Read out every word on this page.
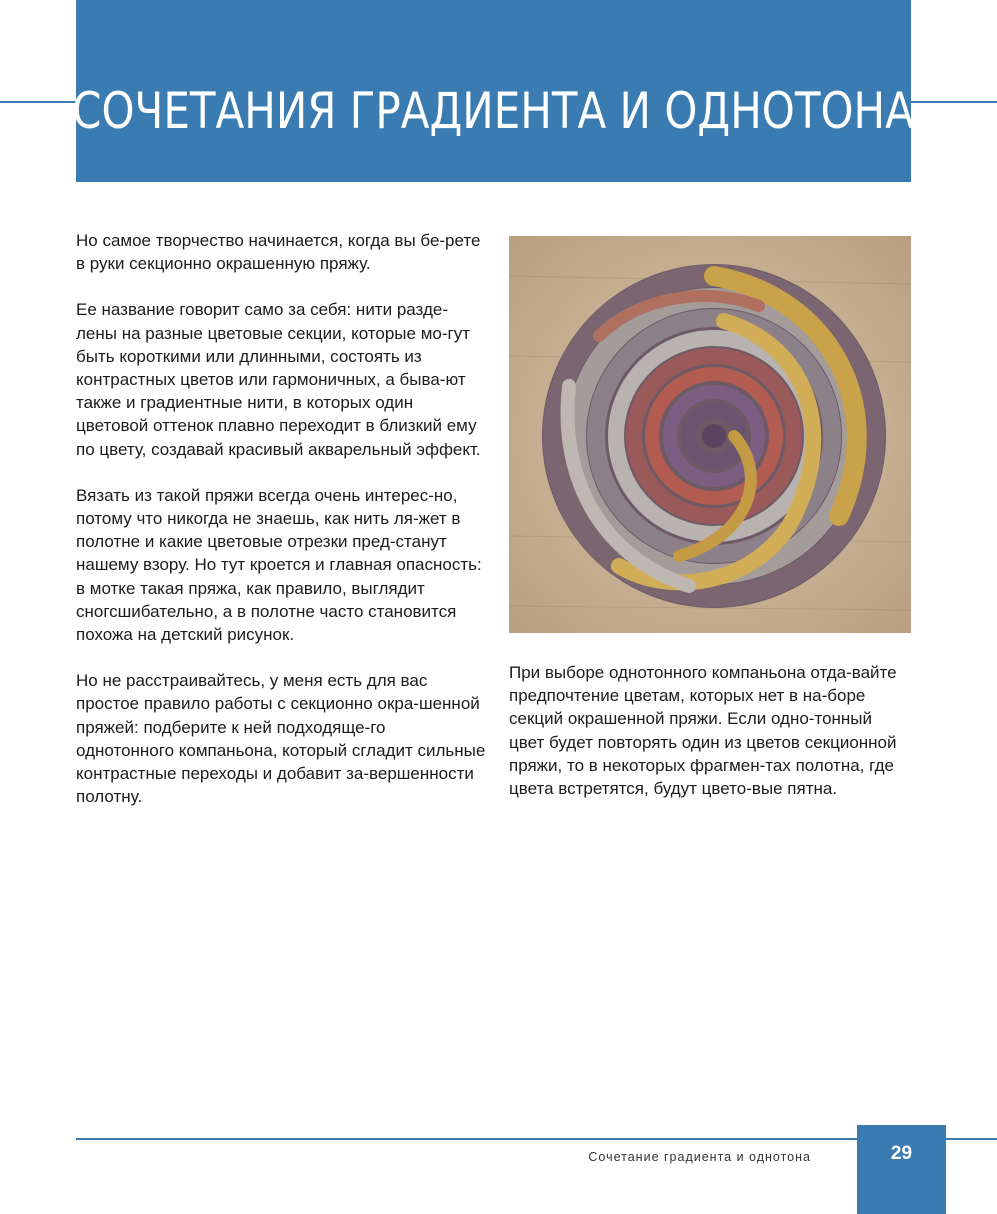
СОЧЕТАНИЯ ГРАДИЕНТА И ОДНОТОНА

Но самое творчество начинается, когда вы бе-рете в руки секционно окрашенную пряжу.

Ее название говорит само за себя: нити разде-лены на разные цветовые секции, которые мо-гут быть короткими или длинными, состоять из контрастных цветов или гармоничных, а быва-ют также и градиентные нити, в которых один цветовой оттенок плавно переходит в близкий ему по цвету, создавай красивый акварельный эффект.

Вязать из такой пряжи всегда очень интерес-но, потому что никогда не знаешь, как нить ля-жет в полотне и какие цветовые отрезки пред-станут нашему взору. Но тут кроется и главная опасность: в мотке такая пряжа, как правило, выглядит сногсшибательно, а в полотне часто становится похожа на детский рисунок.

Но не расстраивайтесь, у меня есть для вас простое правило работы с секционно окра-шенной пряжей: подберите к ней подходяще-го однотонного компаньона, который сгладит сильные контрастные переходы и добавит за-вершенности полотну.

При выборе однотонного компаньона отда-вайте предпочтение цветам, которых нет в на-боре секций окрашенной пряжи. Если одно-тонный цвет будет повторять один из цветов секционной пряжи, то в некоторых фрагмен-тах полотна, где цвета встретятся, будут цвето-вые пятна.

Сочетание градиента и однотона	29
